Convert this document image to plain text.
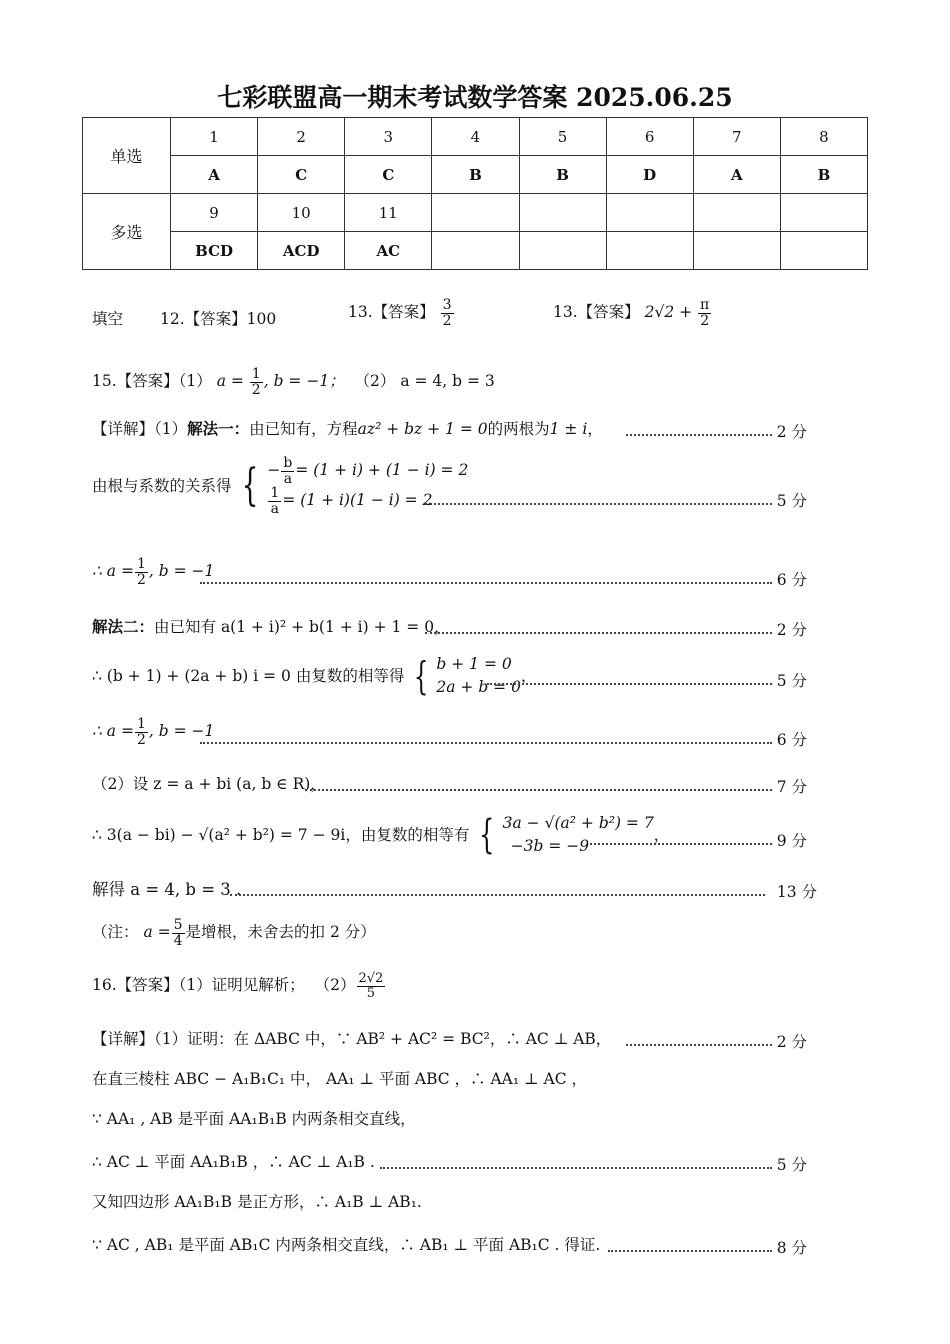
七彩联盟高一期末考试数学答案 2025.06.25
单选	1	2	3	4	5	6	7	8
	A	C	C	B	B	D	A	B
多选	9	10	11					
	BCD	ACD	AC					
填空 12.【答案】100	13.【答案】 $\frac{3}{2}$	13.【答案】 $2√2 + \frac{\pi}{2}$
15.【答案】（1） $a = \frac{1}{2}$ , b = −1； （2） a = 4, b = 3
【详解】（1）解法一：由已知有，方程az² + bz + 1 = 0的两根为1 ± i，	2 分
由根与系数的关系得 { − $\frac{b}{a} = (1 + i) + (1 - i) = 2$
$\frac{1}{a} = (1 + i)(1 - i) = 2$	5 分
∴ $a = \frac{1}{2}$ , b = −1	6 分
解法二：由已知有 a(1 + i)² + b(1 + i) + 1 = 0，	2 分
∴ (b + 1) + (2a + b) i = 0 由复数的相等得 { b + 1 = 0
2a + b = 0
，	5 分
∴ $a = \frac{1}{2}$ , b = −1	6 分
（2）设 z = a + bi (a, b ∈ R)，	7 分
∴ 3(a − bi) − √(a² + b²) = 7 − 9i，由复数的相等有 { 3a − √(a² + b²) = 7
−3b = −9
，	9 分
解得 a = 4, b = 3 .	13 分
（注： $a = \frac{5}{4}$ 是增根，未舍去的扣 2 分）
16.【答案】（1）证明见解析； $(2) \frac{2√2}{5}$
【详解】（1）证明：在 ΔABC 中，∵ AB² + AC² = BC²，∴ AC ⊥ AB，	2 分
在直三棱柱 ABC − A₁B₁C₁ 中， AA₁ ⊥ 平面 ABC ，∴ AA₁ ⊥ AC ，
∵ AA₁ , AB 是平面 AA₁B₁B 内两条相交直线，
∴ AC ⊥ 平面 AA₁B₁B ，∴ AC ⊥ A₁B .	5 分
又知四边形 AA₁B₁B 是正方形，∴ A₁B ⊥ AB₁.
∵ AC , AB₁ 是平面 AB₁C 内两条相交直线，∴ AB₁ ⊥ 平面 AB₁C . 得证.	8 分
